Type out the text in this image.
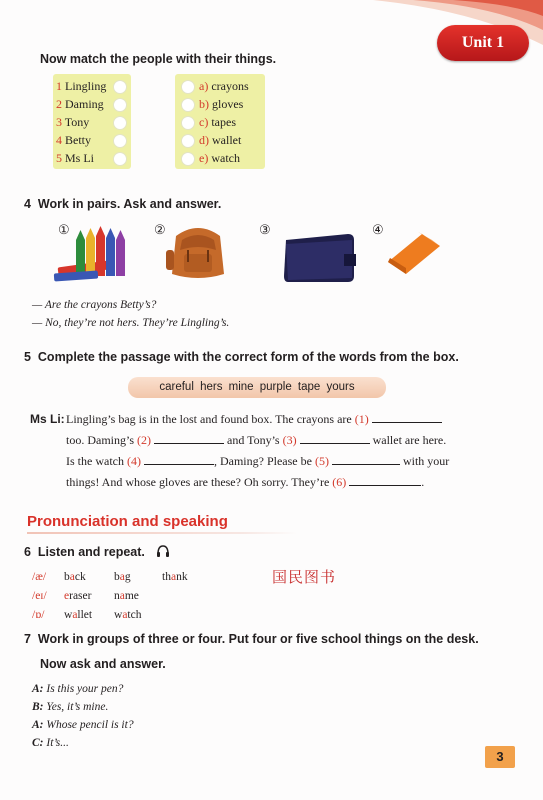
Unit 1
Now match the people with their things.
1 Lingling
2 Daming
3 Tony
4 Betty
5 Ms Li
a) crayons
b) gloves
c) tapes
d) wallet
e) watch
4 Work in pairs. Ask and answer.
①	②	③	④
— Are the crayons Betty’s?
— No, they’re not hers. They’re Lingling’s.
5 Complete the passage with the correct form of the words from the box.
careful hers mine purple tape yours
Ms Li: Lingling’s bag is in the lost and found box. The crayons are (1)
too. Daming’s (2)	and Tony’s (3)	wallet are here.
Is the watch (4)	, Daming? Please be (5)	with your
things! And whose gloves are these? Oh sorry. They’re (6)	.
Pronunciation and speaking
6 Listen and repeat.
/æ/ back bag	thank
/eɪ/ eraser name
/ɒ/ wallet watch
国民图书
7 Work in groups of three or four. Put four or five school things on the desk.
Now ask and answer.
A: Is this your pen?
B: Yes, it’s mine.
A: Whose pencil is it?
C: It’s...
3
